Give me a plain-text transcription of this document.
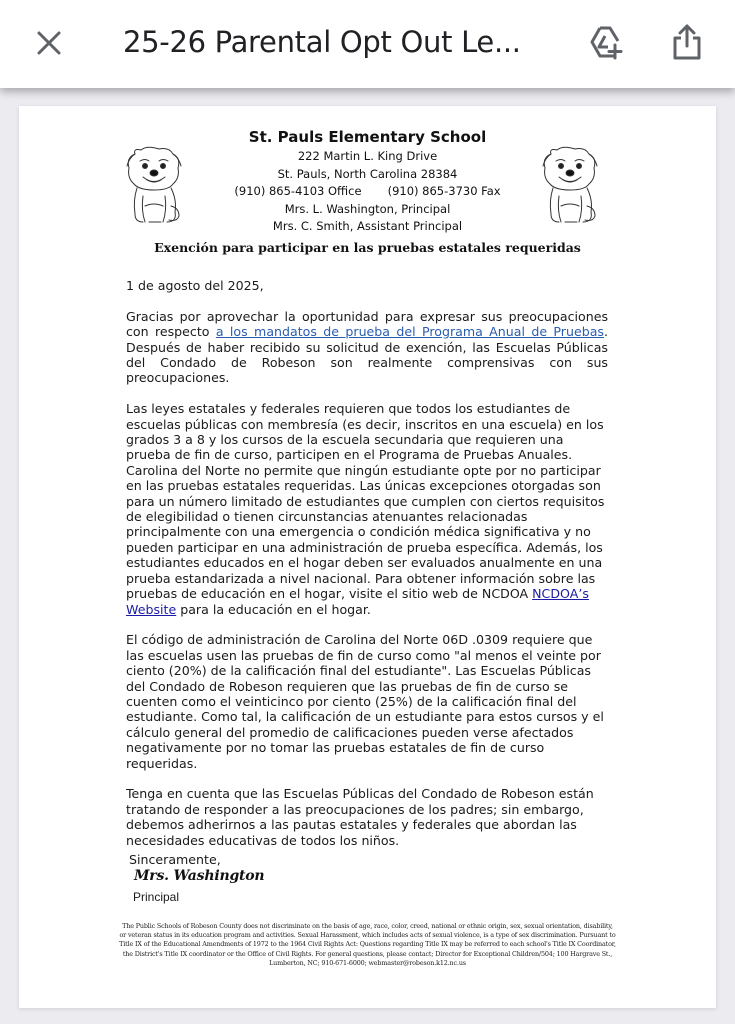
25-26 Parental Opt Out Le...
St. Pauls Elementary School
222 Martin L. King Drive
St. Pauls, North Carolina 28384
(910) 865-4103 Office (910) 865-3730 Fax
Mrs. L. Washington, Principal
Mrs. C. Smith, Assistant Principal
Exención para participar en las pruebas estatales requeridas

1 de agosto del 2025,

Gracias por aprovechar la oportunidad para expresar sus preocupaciones con respecto a los mandatos de prueba del Programa Anual de Pruebas. Después de haber recibido su solicitud de exención, las Escuelas Públicas del Condado de Robeson son realmente comprensivas con sus preocupaciones.

Las leyes estatales y federales requieren que todos los estudiantes de escuelas públicas con membresía (es decir, inscritos en una escuela) en los grados 3 a 8 y los cursos de la escuela secundaria que requieren una prueba de fin de curso, participen en el Programa de Pruebas Anuales. Carolina del Norte no permite que ningún estudiante opte por no participar en las pruebas estatales requeridas. Las únicas excepciones otorgadas son para un número limitado de estudiantes que cumplen con ciertos requisitos de elegibilidad o tienen circunstancias atenuantes relacionadas principalmente con una emergencia o condición médica significativa y no pueden participar en una administración de prueba específica. Además, los estudiantes educados en el hogar deben ser evaluados anualmente en una prueba estandarizada a nivel nacional. Para obtener información sobre las pruebas de educación en el hogar, visite el sitio web de NCDOA NCDOA’s Website para la educación en el hogar.

El código de administración de Carolina del Norte 06D .0309 requiere que las escuelas usen las pruebas de fin de curso como "al menos el veinte por ciento (20%) de la calificación final del estudiante". Las Escuelas Públicas del Condado de Robeson requieren que las pruebas de fin de curso se cuenten como el veinticinco por ciento (25%) de la calificación final del estudiante. Como tal, la calificación de un estudiante para estos cursos y el cálculo general del promedio de calificaciones pueden verse afectados negativamente por no tomar las pruebas estatales de fin de curso requeridas.

Tenga en cuenta que las Escuelas Públicas del Condado de Robeson están tratando de responder a las preocupaciones de los padres; sin embargo, debemos adherirnos a las pautas estatales y federales que abordan las necesidades educativas de todos los niños.

Sinceramente,
Mrs. Washington
Principal
The Public Schools of Robeson County does not discriminate on the basis of age, race, color, creed, national or ethnic origin, sex, sexual orientation, disability, or veteran status in its education program and activities. Sexual Harassment, which includes acts of sexual violence, is a type of sex discrimination. Pursuant to Title IX of the Educational Amendments of 1972 to the 1964 Civil Rights Act: Questions regarding Title IX may be referred to each school's Title IX Coordinator, the District's Title IX coordinator or the Office of Civil Rights. For general questions, please contact; Director for Exceptional Children/504; 100 Hargrave St., Lumberton, NC; 910-671-6000; webmaster@robeson.k12.nc.us
